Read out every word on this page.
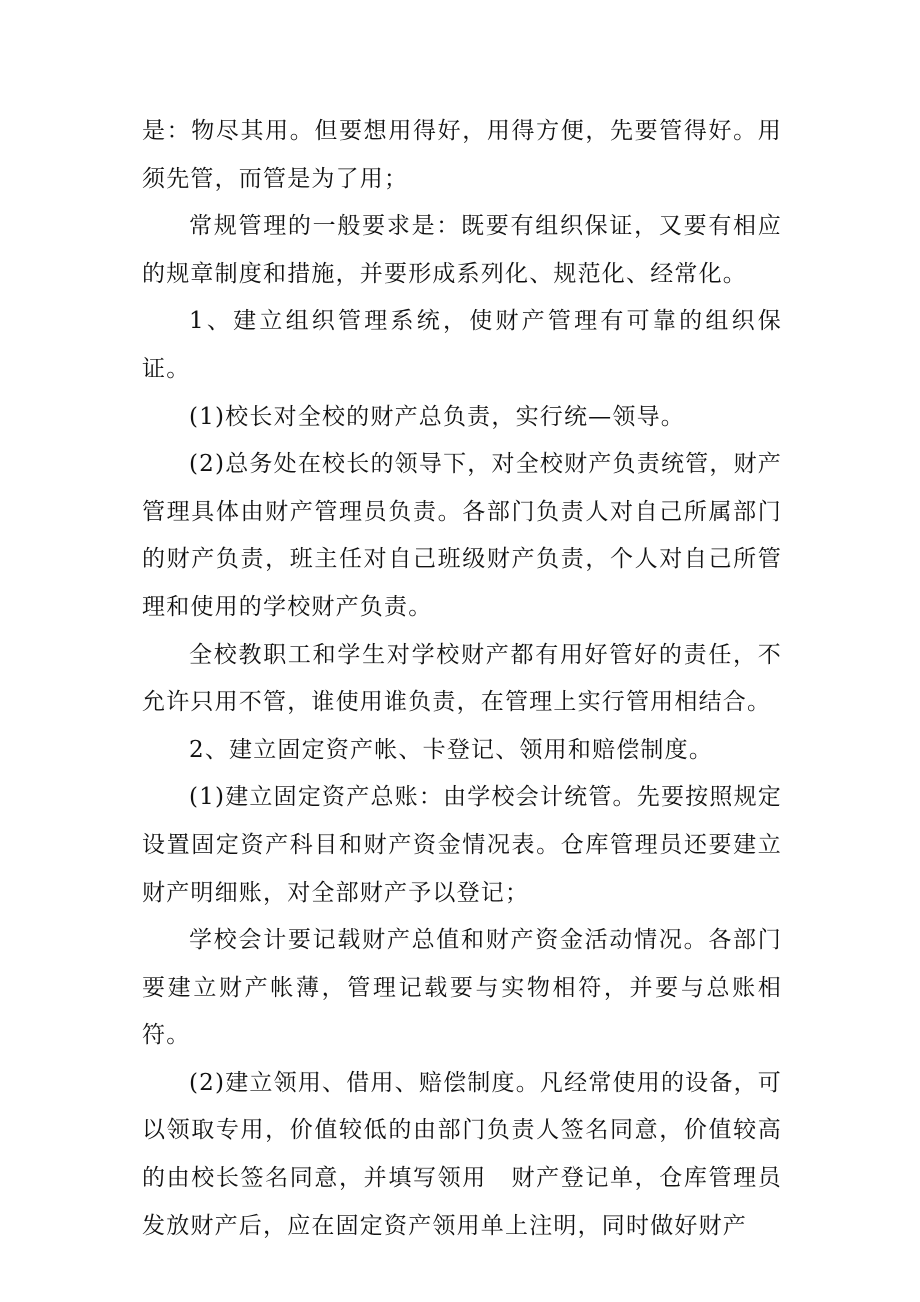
是：物尽其用。但要想用得好，用得方便，先要管得好。用须先管，而管是为了用；

常规管理的一般要求是：既要有组织保证，又要有相应的规章制度和措施，并要形成系列化、规范化、经常化。

1、建立组织管理系统，使财产管理有可靠的组织保证。

(1)校长对全校的财产总负责，实行统—领导。

(2)总务处在校长的领导下，对全校财产负责统管，财产管理具体由财产管理员负责。各部门负责人对自己所属部门的财产负责，班主任对自己班级财产负责，个人对自己所管理和使用的学校财产负责。

全校教职工和学生对学校财产都有用好管好的责任，不允许只用不管，谁使用谁负责，在管理上实行管用相结合。

2、建立固定资产帐、卡登记、领用和赔偿制度。

(1)建立固定资产总账：由学校会计统管。先要按照规定设置固定资产科目和财产资金情况表。仓库管理员还要建立财产明细账，对全部财产予以登记；

学校会计要记载财产总值和财产资金活动情况。各部门要建立财产帐薄，管理记载要与实物相符，并要与总账相符。

(2)建立领用、借用、赔偿制度。凡经常使用的设备，可以领取专用，价值较低的由部门负责人签名同意，价值较高的由校长签名同意，并填写领用　财产登记单，仓库管理员发放财产后，应在固定资产领用单上注明，同时做好财产
